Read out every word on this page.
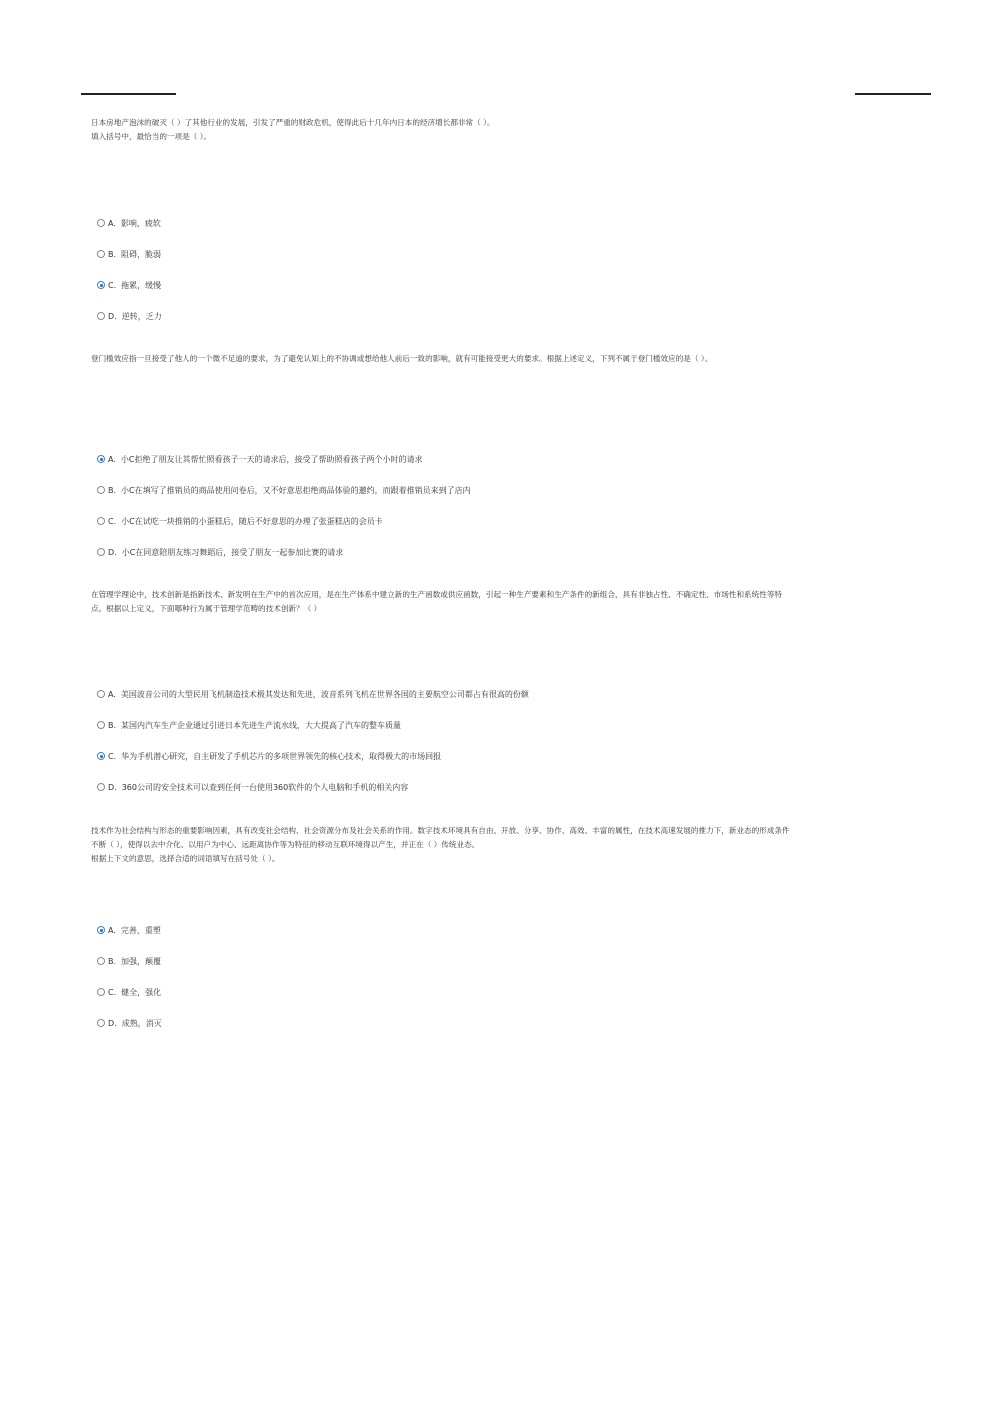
日本房地产泡沫的破灭（ ）了其他行业的发展，引发了严重的财政危机，使得此后十几年内日本的经济增长都非常（ ）。
填入括号中，最恰当的一项是（ ）。

A. 影响，疲软
B. 阻碍，脆弱
C. 拖累，缓慢
D. 逆转，乏力

登门槛效应指一旦接受了他人的一个微不足道的要求，为了避免认知上的不协调或想给他人前后一致的影响，就有可能接受更大的要求。根据上述定义，下列不属于登门槛效应的是（ ）。

A. 小C拒绝了朋友让其帮忙照看孩子一天的请求后，接受了帮助照看孩子两个小时的请求
B. 小C在填写了推销员的商品使用问卷后，又不好意思拒绝商品体验的邀约，而跟着推销员来到了店内
C. 小C在试吃一块推销的小蛋糕后，随后不好意思的办理了张蛋糕店的会员卡
D. 小C在同意陪朋友练习舞蹈后，接受了朋友一起参加比赛的请求

在管理学理论中，技术创新是指新技术、新发明在生产中的首次应用，是在生产体系中建立新的生产函数或供应函数，引起一种生产要素和生产条件的新组合，具有非独占性、不确定性、市场性和系统性等特
点。根据以上定义，下面哪种行为属于管理学范畴的技术创新？（ ）

A. 美国波音公司的大型民用飞机制造技术极其发达和先进，波音系列飞机在世界各国的主要航空公司都占有很高的份额
B. 某国内汽车生产企业通过引进日本先进生产流水线，大大提高了汽车的整车质量
C. 华为手机潜心研究，自主研发了手机芯片的多项世界领先的核心技术，取得极大的市场回报
D. 360公司的安全技术可以查到任何一台使用360软件的个人电脑和手机的相关内容

技术作为社会结构与形态的重要影响因素，具有改变社会结构、社会资源分布及社会关系的作用。数字技术环境具有自由、开放、分享、协作、高效、丰富的属性，在技术高速发展的推力下，新业态的形成条件
不断（ ），使得以去中介化、以用户为中心、远距离协作等为特征的移动互联环境得以产生，并正在（ ）传统业态。
根据上下文的意思，选择合适的词语填写在括号处（ ）。

A. 完善，重塑
B. 加强，颠覆
C. 健全，强化
D. 成熟，消灭
